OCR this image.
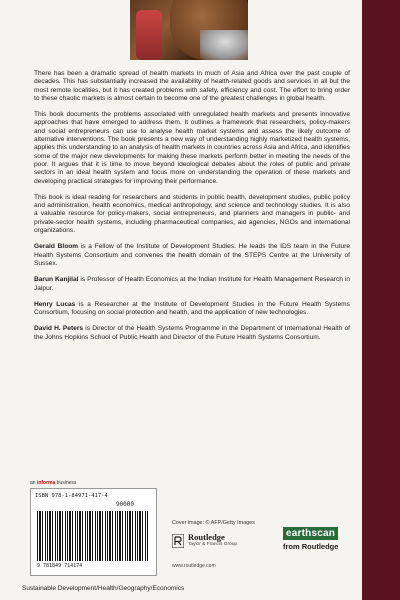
There has been a dramatic spread of health markets in much of Asia and Africa over the past couple of decades. This has substantially increased the availability of health-related goods and services in all but the most remote localities, but it has created problems with safety, efficiency and cost. The effort to bring order to these chaotic markets is almost certain to become one of the greatest challenges in global health.

This book documents the problems associated with unregulated health markets and presents innovative approaches that have emerged to address them. It outlines a framework that researchers, policy-makers and social entrepreneurs can use to analyse health market systems and assess the likely outcome of alternative interventions. The book presents a new way of understanding highly marketized health systems, applies this understanding to an analysis of health markets in countries across Asia and Africa, and identifies some of the major new developments for making these markets perform better in meeting the needs of the poor. It argues that it is time to move beyond ideological debates about the roles of public and private sectors in an ideal health system and focus more on understanding the operation of these markets and developing practical strategies for improving their performance.

This book is ideal reading for researchers and students in public health, development studies, public policy and administration, health economics, medical anthropology, and science and technology studies. It is also a valuable resource for policy-makers, social entrepreneurs, and planners and managers in public- and private-sector health systems, including pharmaceutical companies, aid agencies, NGOs and international organizations.

Gerald Bloom is a Fellow of the Institute of Development Studies. He leads the IDS team in the Future Health Systems Consortium and convenes the health domain of the STEPS Centre at the University of Sussex.

Barun Kanjilal is Professor of Health Economics at the Indian Institute for Health Management Research in Jaipur.

Henry Lucas is a Researcher at the Institute of Development Studies in the Future Health Systems Consortium, focusing on social protection and health, and the application of new technologies.

David H. Peters is Director of the Health Systems Programme in the Department of International Health of the Johns Hopkins School of Public Health and Director of the Future Health Systems Consortium.

an informa business
ISBN 978-1-84971-417-4
90000
9 781849 714174
Cover image: © AFP/Getty Images
Routledge
Taylor & Francis Group
www.routledge.com
earthscan
from Routledge
Sustainable Development/Health/Geography/Economics
